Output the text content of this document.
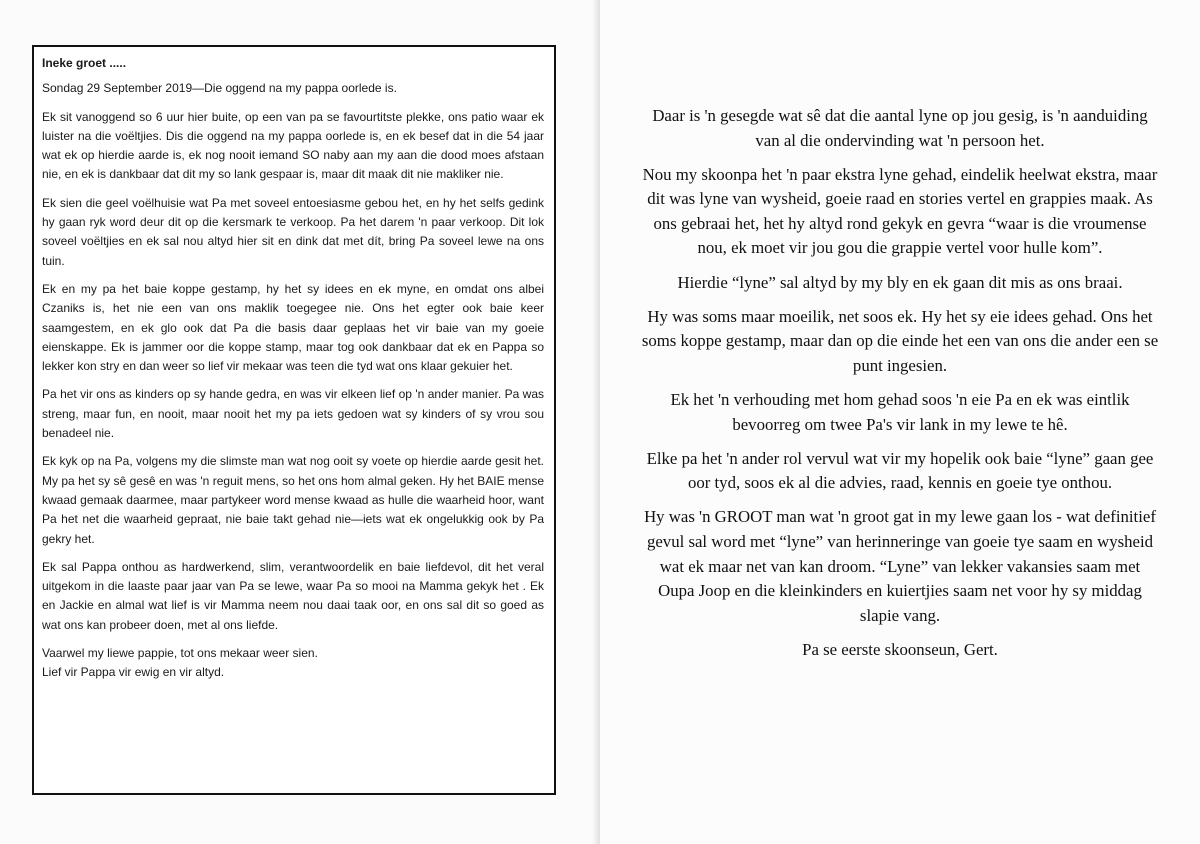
Ineke groet .....

Sondag 29 September 2019—Die oggend na my pappa oorlede is.

Ek sit vanoggend so 6 uur hier buite, op een van pa se favourtitste plekke, ons patio waar ek luister na die voëltjies. Dis die oggend na my pappa oorlede is, en ek besef dat in die 54 jaar wat ek op hierdie aarde is, ek nog nooit iemand SO naby aan my aan die dood moes afstaan nie, en ek is dankbaar dat dit my so lank gespaar is, maar dit maak dit nie makliker nie.

Ek sien die geel voëlhuisie wat Pa met soveel entoesiasme gebou het, en hy het selfs gedink hy gaan ryk word deur dit op die kersmark te verkoop. Pa het darem 'n paar verkoop. Dit lok soveel voëltjies en ek sal nou altyd hier sit en dink dat met dít, bring Pa soveel lewe na ons tuin.

Ek en my pa het baie koppe gestamp, hy het sy idees en ek myne, en omdat ons albei Czaniks is, het nie een van ons maklik toegegee nie. Ons het egter ook baie keer saamgestem, en ek glo ook dat Pa die basis daar geplaas het vir baie van my goeie eienskappe. Ek is jammer oor die koppe stamp, maar tog ook dankbaar dat ek en Pappa so lekker kon stry en dan weer so lief vir mekaar was teen die tyd wat ons klaar gekuier het.

Pa het vir ons as kinders op sy hande gedra, en was vir elkeen lief op 'n ander manier. Pa was streng, maar fun, en nooit, maar nooit het my pa iets gedoen wat sy kinders of sy vrou sou benadeel nie.

Ek kyk op na Pa, volgens my die slimste man wat nog ooit sy voete op hierdie aarde gesit het. My pa het sy sê gesê en was 'n reguit mens, so het ons hom almal geken. Hy het BAIE mense kwaad gemaak daarmee, maar partykeer word mense kwaad as hulle die waarheid hoor, want Pa het net die waarheid gepraat, nie baie takt gehad nie—iets wat ek ongelukkig ook by Pa gekry het.

Ek sal Pappa onthou as hardwerkend, slim, verantwoordelik en baie liefdevol, dit het veral uitgekom in die laaste paar jaar van Pa se lewe, waar Pa so mooi na Mamma gekyk het . Ek en Jackie en almal wat lief is vir Mamma neem nou daai taak oor, en ons sal dit so goed as wat ons kan probeer doen, met al ons liefde.

Vaarwel my liewe pappie, tot ons mekaar weer sien.

Lief vir Pappa vir ewig en vir altyd.

Daar is 'n gesegde wat sê dat die aantal lyne op jou gesig, is 'n aanduiding van al die ondervinding wat 'n persoon het.

Nou my skoonpa het 'n paar ekstra lyne gehad, eindelik heelwat ekstra, maar dit was lyne van wysheid, goeie raad en stories vertel en grappies maak. As ons gebraai het, het hy altyd rond gekyk en gevra “waar is die vroumense nou, ek moet vir jou gou die grappie vertel voor hulle kom”.

Hierdie “lyne” sal altyd by my bly en ek gaan dit mis as ons braai.

Hy was soms maar moeilik, net soos ek. Hy het sy eie idees gehad. Ons het soms koppe gestamp, maar dan op die einde het een van ons die ander een se punt ingesien.

Ek het 'n verhouding met hom gehad soos 'n eie Pa en ek was eintlik bevoorreg om twee Pa's vir lank in my lewe te hê.

Elke pa het 'n ander rol vervul wat vir my hopelik ook baie “lyne” gaan gee oor tyd, soos ek al die advies, raad, kennis en goeie tye onthou.

Hy was 'n GROOT man wat 'n groot gat in my lewe gaan los - wat definitief gevul sal word met “lyne” van herinneringe van goeie tye saam en wysheid wat ek maar net van kan droom. “Lyne” van lekker vakansies saam met Oupa Joop en die kleinkinders en kuiertjies saam net voor hy sy middag slapie vang.

Pa se eerste skoonseun, Gert.
